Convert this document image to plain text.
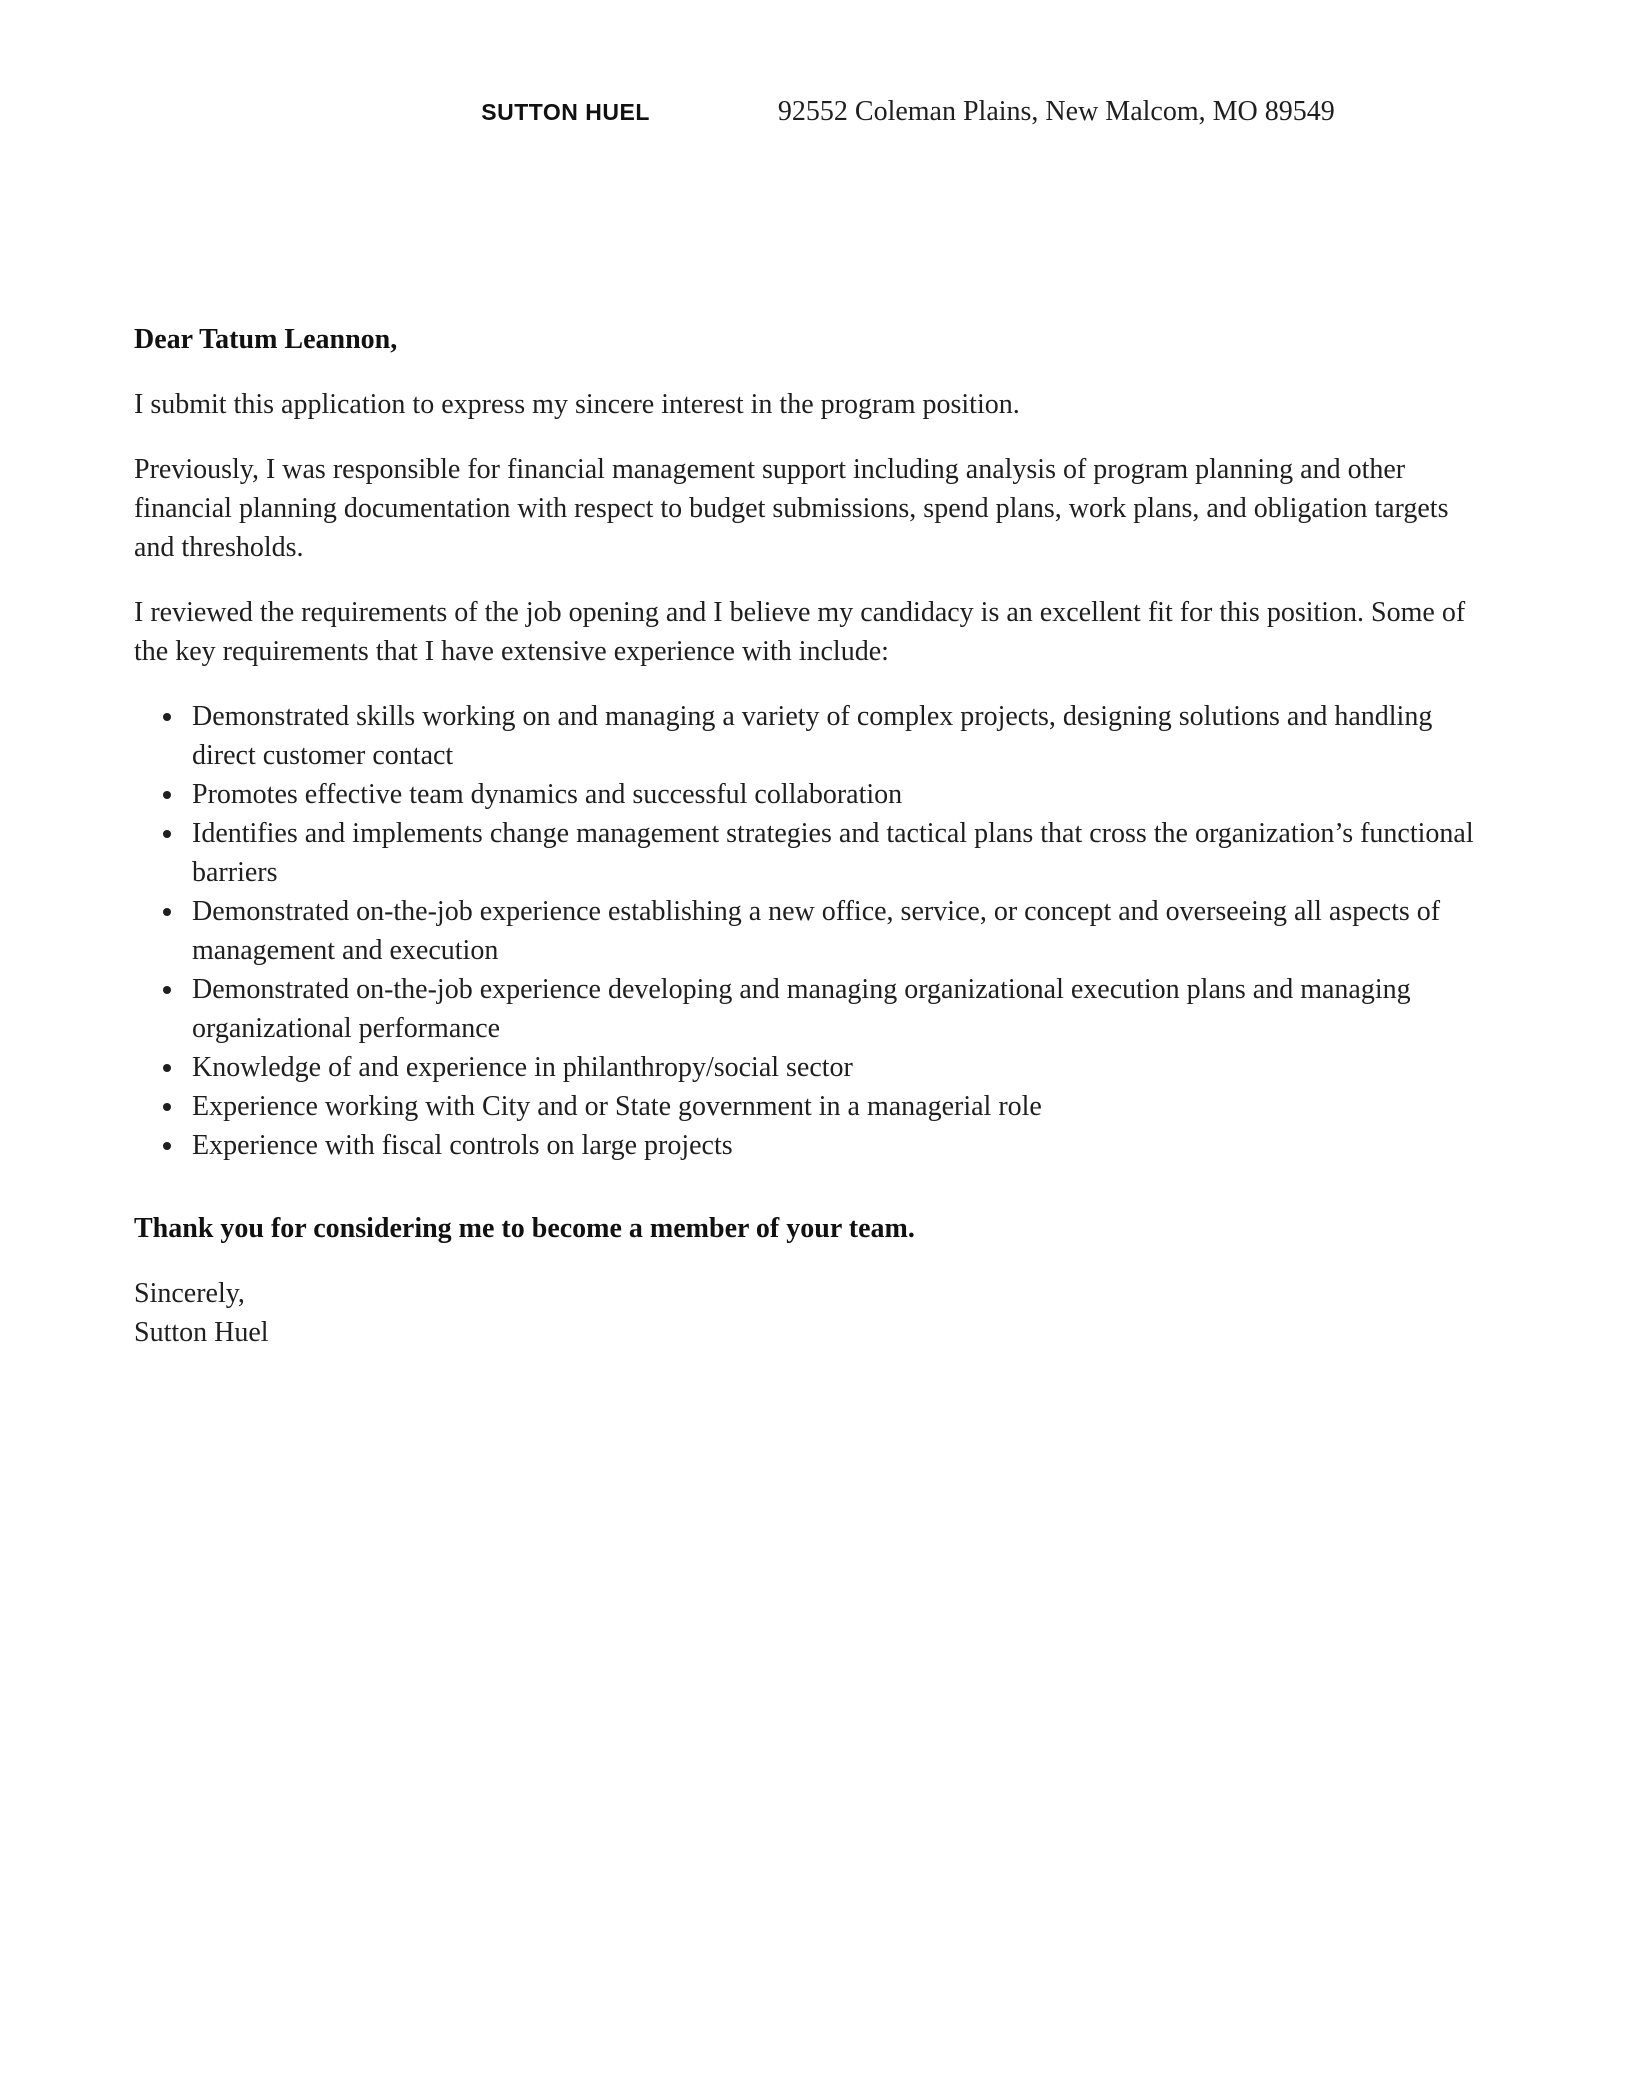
SUTTON HUEL	92552 Coleman Plains, New Malcom, MO 89549

Dear Tatum Leannon,

I submit this application to express my sincere interest in the program position.

Previously, I was responsible for financial management support including analysis of program planning and other financial planning documentation with respect to budget submissions, spend plans, work plans, and obligation targets and thresholds.

I reviewed the requirements of the job opening and I believe my candidacy is an excellent fit for this position. Some of the key requirements that I have extensive experience with include:

• Demonstrated skills working on and managing a variety of complex projects, designing solutions and handling direct customer contact
• Promotes effective team dynamics and successful collaboration
• Identifies and implements change management strategies and tactical plans that cross the organization’s functional barriers
• Demonstrated on-the-job experience establishing a new office, service, or concept and overseeing all aspects of management and execution
• Demonstrated on-the-job experience developing and managing organizational execution plans and managing organizational performance
• Knowledge of and experience in philanthropy/social sector
• Experience working with City and or State government in a managerial role
• Experience with fiscal controls on large projects

Thank you for considering me to become a member of your team.

Sincerely,

Sutton Huel
